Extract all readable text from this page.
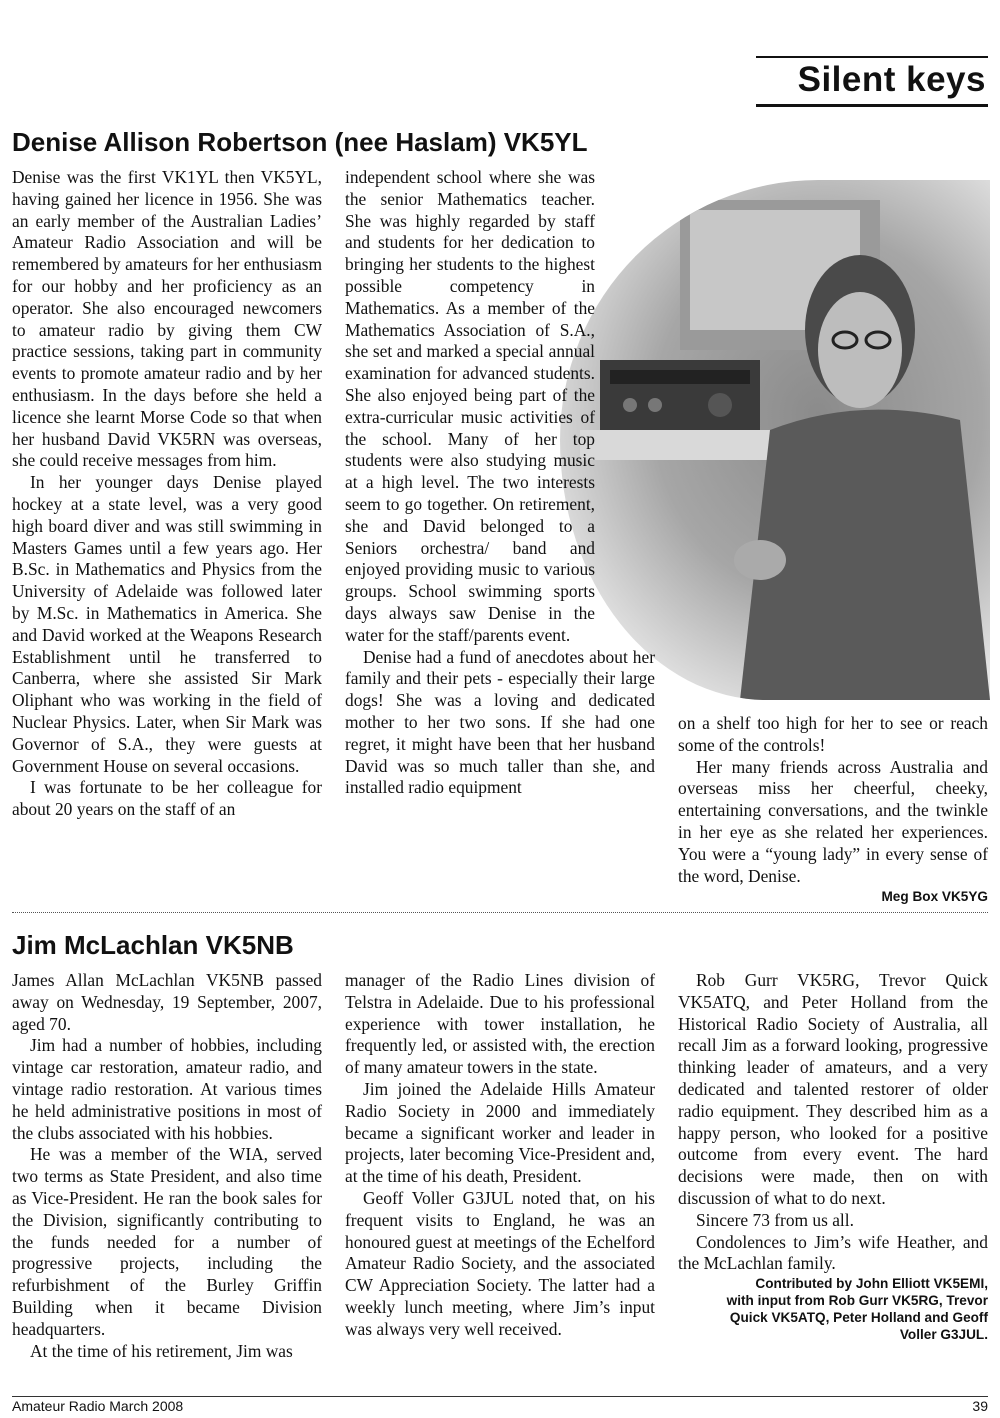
Silent keys
Denise Allison Robertson (nee Haslam) VK5YL

Denise was the first VK1YL then VK5YL, having gained her licence in 1956. She was an early member of the Australian Ladies’ Amateur Radio Association and will be remembered by amateurs for her enthusiasm for our hobby and her proficiency as an operator. She also encouraged newcomers to amateur radio by giving them CW practice sessions, taking part in community events to promote amateur radio and by her enthusiasm. In the days before she held a licence she learnt Morse Code so that when her husband David VK5RN was overseas, she could receive messages from him.

In her younger days Denise played hockey at a state level, was a very good high board diver and was still swimming in Masters Games until a few years ago. Her B.Sc. in Mathematics and Physics from the University of Adelaide was followed later by M.Sc. in Mathematics in America. She and David worked at the Weapons Research Establishment until he transferred to Canberra, where she assisted Sir Mark Oliphant who was working in the field of Nuclear Physics. Later, when Sir Mark was Governor of S.A., they were guests at Government House on several occasions.

I was fortunate to be her colleague for about 20 years on the staff of an

independent school where she was the senior Mathematics teacher. She was highly regarded by staff and students for her dedication to bringing her students to the highest possible competency in Mathematics. As a member of the Mathematics Association of S.A., she set and marked a special annual examination for advanced students. She also enjoyed being part of the extra-curricular music activities of the school. Many of her top students were also studying music at a high level. The two interests seem to go together. On retirement, she and David belonged to a Seniors orchestra/ band and enjoyed providing music to various groups. School swimming sports days always saw Denise in the water for the staff/parents event.

Denise had a fund of anecdotes about her family and their pets - especially their large dogs! She was a loving and dedicated mother to her two sons. If she had one regret, it might have been that her husband David was so much taller than she, and installed radio equipment

on a shelf too high for her to see or reach some of the controls!

Her many friends across Australia and overseas miss her cheerful, cheeky, entertaining conversations, and the twinkle in her eye as she related her experiences. You were a “young lady” in every sense of the word, Denise.

Meg Box VK5YG

Jim McLachlan VK5NB

James Allan McLachlan VK5NB passed away on Wednesday, 19 September, 2007, aged 70.

Jim had a number of hobbies, including vintage car restoration, amateur radio, and vintage radio restoration. At various times he held administrative positions in most of the clubs associated with his hobbies.

He was a member of the WIA, served two terms as State President, and also time as Vice-President. He ran the book sales for the Division, significantly contributing to the funds needed for a number of progressive projects, including the refurbishment of the Burley Griffin Building when it became Division headquarters.

At the time of his retirement, Jim was

manager of the Radio Lines division of Telstra in Adelaide. Due to his professional experience with tower installation, he frequently led, or assisted with, the erection of many amateur towers in the state.

Jim joined the Adelaide Hills Amateur Radio Society in 2000 and immediately became a significant worker and leader in projects, later becoming Vice-President and, at the time of his death, President.

Geoff Voller G3JUL noted that, on his frequent visits to England, he was an honoured guest at meetings of the Echelford Amateur Radio Society, and the associated CW Appreciation Society. The latter had a weekly lunch meeting, where Jim’s input was always very well received.

Rob Gurr VK5RG, Trevor Quick VK5ATQ, and Peter Holland from the Historical Radio Society of Australia, all recall Jim as a forward looking, progressive thinking leader of amateurs, and a very dedicated and talented restorer of older radio equipment. They described him as a happy person, who looked for a positive outcome from every event. The hard decisions were made, then on with discussion of what to do next.

Sincere 73 from us all.

Condolences to Jim’s wife Heather, and the McLachlan family.

Contributed by John Elliott VK5EMI,
with input from Rob Gurr VK5RG, Trevor
Quick VK5ATQ, Peter Holland and Geoff
Voller G3JUL.

Amateur Radio March 2008	39
